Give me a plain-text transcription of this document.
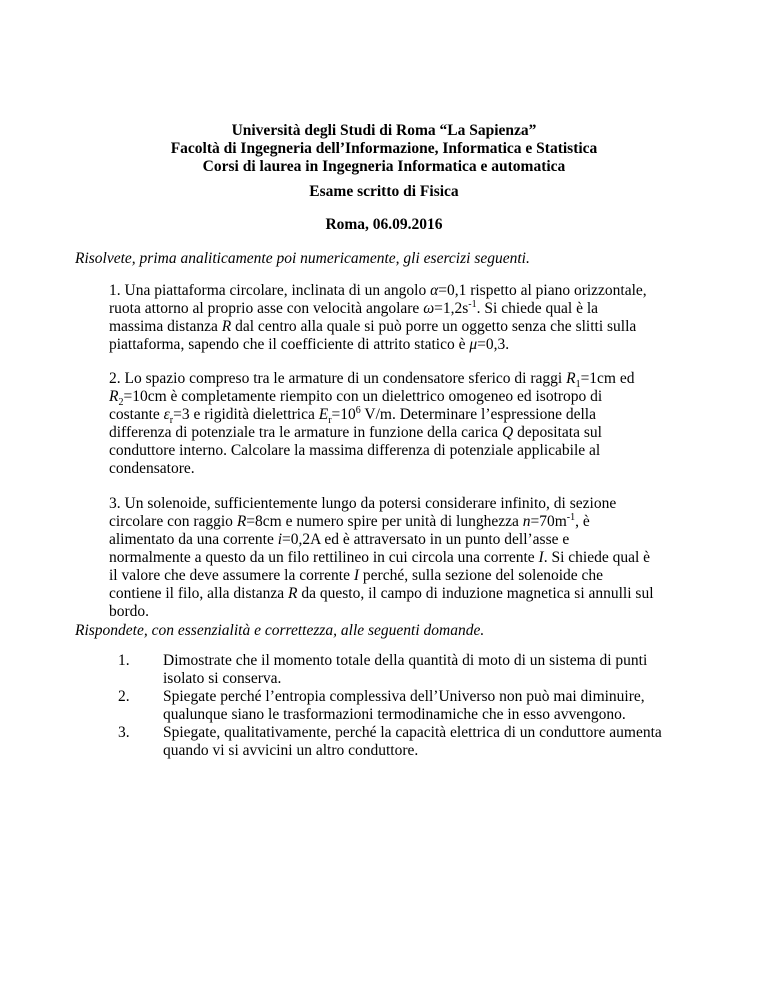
Università degli Studi di Roma “La Sapienza”
Facoltà di Ingegneria dell’Informazione, Informatica e Statistica
Corsi di laurea in Ingegneria Informatica e automatica
Esame scritto di Fisica
Roma, 06.09.2016
Risolvete, prima analiticamente poi numericamente, gli esercizi seguenti.
1. Una piattaforma circolare, inclinata di un angolo α=0,1 rispetto al piano orizzontale, ruota attorno al proprio asse con velocità angolare $\omega=1,2s^{-1}$. Si chiede qual è la massima distanza R dal centro alla quale si può porre un oggetto senza che slitti sulla piattaforma, sapendo che il coefficiente di attrito statico è μ=0,3.
2. Lo spazio compreso tra le armature di un condensatore sferico di raggi $R_1=1cm$ ed $R_2=10cm$ è completamente riempito con un dielettrico omogeneo ed isotropo di costante $\varepsilon_r=3$ e rigidità dielettrica $E_r=10^6$ V/m. Determinare l’espressione della differenza di potenziale tra le armature in funzione della carica Q depositata sul conduttore interno. Calcolare la massima differenza di potenziale applicabile al condensatore.
3. Un solenoide, sufficientemente lungo da potersi considerare infinito, di sezione circolare con raggio R=8cm e numero spire per unità di lunghezza $n=70m^{-1}$, è alimentato da una corrente i=0,2A ed è attraversato in un punto dell’asse e normalmente a questo da un filo rettilineo in cui circola una corrente I. Si chiede qual è il valore che deve assumere la corrente I perché, sulla sezione del solenoide che contiene il filo, alla distanza R da questo, il campo di induzione magnetica si annulli sul bordo.
Rispondete, con essenzialità e correttezza, alle seguenti domande.
1. Dimostrate che il momento totale della quantità di moto di un sistema di punti isolato si conserva.
2. Spiegate perché l’entropia complessiva dell’Universo non può mai diminuire, qualunque siano le trasformazioni termodinamiche che in esso avvengono.
3. Spiegate, qualitativamente, perché la capacità elettrica di un conduttore aumenta quando vi si avvicini un altro conduttore.
